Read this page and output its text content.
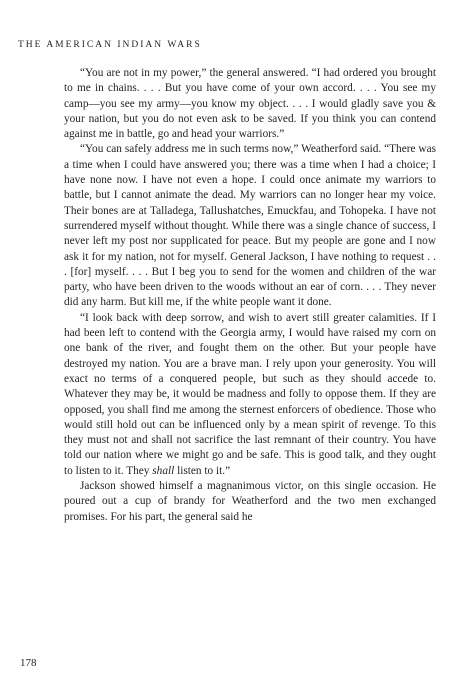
THE AMERICAN INDIAN WARS

“You are not in my power,” the general answered. “I had ordered you brought to me in chains. . . . But you have come of your own accord. . . . You see my camp—you see my army—you know my object. . . . I would gladly save you & your nation, but you do not even ask to be saved. If you think you can contend against me in battle, go and head your warriors.”

“You can safely address me in such terms now,” Weatherford said. “There was a time when I could have answered you; there was a time when I had a choice; I have none now. I have not even a hope. I could once animate my warriors to battle, but I cannot animate the dead. My warriors can no longer hear my voice. Their bones are at Talladega, Tallushatches, Emuckfau, and Tohopeka. I have not surrendered myself without thought. While there was a single chance of success, I never left my post nor supplicated for peace. But my people are gone and I now ask it for my nation, not for myself. General Jackson, I have nothing to request . . . [for] myself. . . . But I beg you to send for the women and children of the war party, who have been driven to the woods without an ear of corn. . . . They never did any harm. But kill me, if the white people want it done.

“I look back with deep sorrow, and wish to avert still greater calamities. If I had been left to contend with the Georgia army, I would have raised my corn on one bank of the river, and fought them on the other. But your people have destroyed my nation. You are a brave man. I rely upon your generosity. You will exact no terms of a conquered people, but such as they should accede to. Whatever they may be, it would be madness and folly to oppose them. If they are opposed, you shall find me among the sternest enforcers of obedience. Those who would still hold out can be influenced only by a mean spirit of revenge. To this they must not and shall not sacrifice the last remnant of their country. You have told our nation where we might go and be safe. This is good talk, and they ought to listen to it. They shall listen to it.”

Jackson showed himself a magnanimous victor, on this single occasion. He poured out a cup of brandy for Weatherford and the two men exchanged promises. For his part, the general said he

178
